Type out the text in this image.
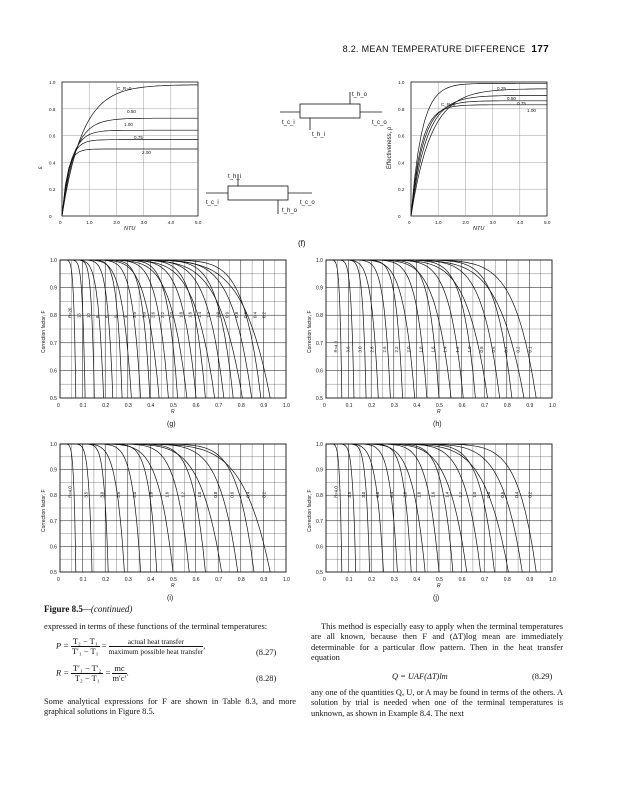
8.2. MEAN TEMPERATURE DIFFERENCE 177
0	1.0	2.0	3.0	4.0	5.0
0
0.2
0.4
0.6
0.8
1.0
NTU
ε
C_R=0
0.50
1.00
0.75
2.00
0	1.0	2.0	3.0	4.0	5.0
0
0.2
0.4
0.6
0.8
1.0
NTU
Effectiveness, ρ
0.25
0.50
0.75
1.00
C_R=0
t_h_o
t_c_i	t_c_o
t_h_i
t_h_i
t_c_i	t_c_o
t_h_o
(f)
0	0.1	0.2	0.3	0.4	0.5	0.6	0.7	0.8	0.9	1.0
0.5
0.6
0.7
0.8
0.9
1.0
R
Correction factor, F	R=20 15 10 8 6 5 4 3.5 3.0 2.6 2.2 2.0 1.8 1.6 1.4 1.2 1.0 0.9 0.8 0.6 0.4 0.2
(g)
0	0.1	0.2	0.3	0.4	0.5	0.6	0.7	0.8	0.9	1.0
0.5
0.6
0.7
0.8
0.9
1.0
R
Correction factor, F	R=4.0 3.6 3.0 2.8 2.6 2.2 2.0 1.8 1.6 1.4 1.2 1.0 0.8 0.6 0.4 0.2 0.1
(h)
0	0.1	0.2	0.3	0.4	0.5	0.6	0.7	0.8	0.9	1.0
0.5
0.6
0.7
0.8
0.9
1.0
R
Correction factor, F	R=4.0	3.5	3.0	2.5	2.0	1.8	1.6	1.2	1.0	0.8	0.6	0.4	0.2
(i)
0	0.1	0.2	0.3	0.4	0.5	0.6	0.7	0.8	0.9	1.0
0.5
0.6
0.7
0.8
0.9
1.0
R
Correction factor, F	R=4.0 3.5 3.0 2.8 2.4 2.0 1.8 1.6 1.4 1.2 1.0 0.8 0.6 0.4 0.2
(j)
Figure 8.5—(continued)
expressed in terms of these functions of the terminal temperatures:
$P = \frac{\text{T₂ − T₁}}{\text{T′₁ − T₁}} = \frac{\text{actual heat transfer}}{\text{maximum possible heat transfer}}$ ,
(8.27)
$R = \frac{\text{T′₁ − T′₂}}{\text{T₂ − T₁}} = \frac{mc}{m'c'}$ .
(8.28)
Some analytical expressions for F are shown in Table 8.3, and more graphical solutions in Figure 8.5.
This method is especially easy to apply when the terminal temperatures are all known, because then F and (ΔT)log mean are immediately determinable for a particular flow pattern. Then in the heat transfer equation
Q = UAF(ΔT)lm	(8.29)
any one of the quantities Q, U, or A may be found in terms of the others. A solution by trial is needed when one of the terminal temperatures is unknown, as shown in Example 8.4. The next
